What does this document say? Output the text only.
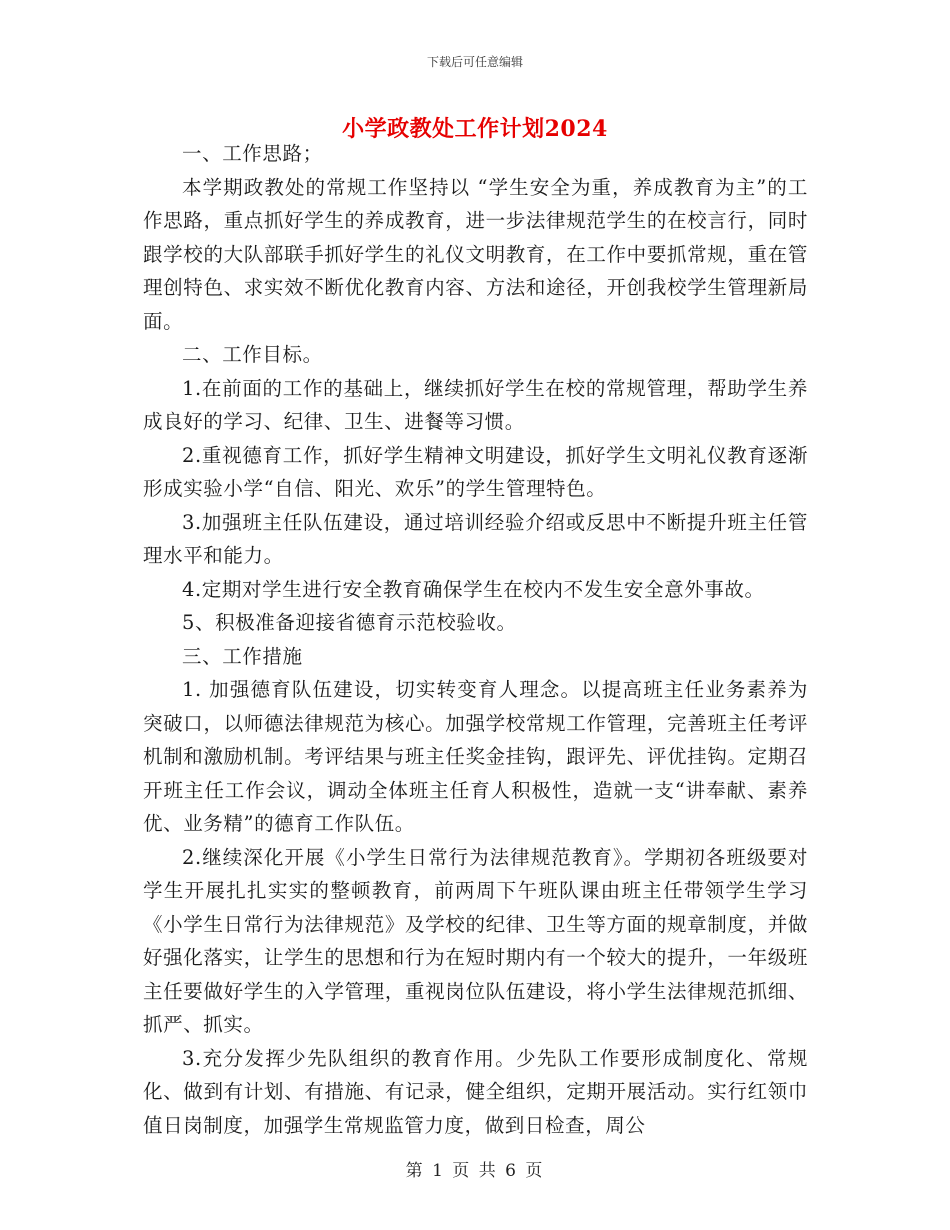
下载后可任意编辑
小学政教处工作计划2024

一、工作思路；

本学期政教处的常规工作坚持以 “学生安全为重，养成教育为主”的工作思路，重点抓好学生的养成教育，进一步法律规范学生的在校言行，同时跟学校的大队部联手抓好学生的礼仪文明教育，在工作中要抓常规，重在管理创特色、求实效不断优化教育内容、方法和途径，开创我校学生管理新局面。

二、工作目标。

1.在前面的工作的基础上，继续抓好学生在校的常规管理，帮助学生养成良好的学习、纪律、卫生、进餐等习惯。

2.重视德育工作，抓好学生精神文明建设，抓好学生文明礼仪教育逐渐形成实验小学“自信、阳光、欢乐”的学生管理特色。

3.加强班主任队伍建设，通过培训经验介绍或反思中不断提升班主任管理水平和能力。

4.定期对学生进行安全教育确保学生在校内不发生安全意外事故。

5、积极准备迎接省德育示范校验收。

三、工作措施

1. 加强德育队伍建设，切实转变育人理念。以提高班主任业务素养为突破口，以师德法律规范为核心。加强学校常规工作管理，完善班主任考评机制和激励机制。考评结果与班主任奖金挂钩，跟评先、评优挂钩。定期召开班主任工作会议，调动全体班主任育人积极性，造就一支“讲奉献、素养优、业务精”的德育工作队伍。

2.继续深化开展《小学生日常行为法律规范教育》。学期初各班级要对学生开展扎扎实实的整顿教育，前两周下午班队课由班主任带领学生学习《小学生日常行为法律规范》及学校的纪律、卫生等方面的规章制度，并做好强化落实，让学生的思想和行为在短时期内有一个较大的提升，一年级班主任要做好学生的入学管理，重视岗位队伍建设，将小学生法律规范抓细、抓严、抓实。

3.充分发挥少先队组织的教育作用。少先队工作要形成制度化、常规化、做到有计划、有措施、有记录，健全组织，定期开展活动。实行红领巾值日岗制度，加强学生常规监管力度，做到日检查，周公

第 1 页 共 6 页
